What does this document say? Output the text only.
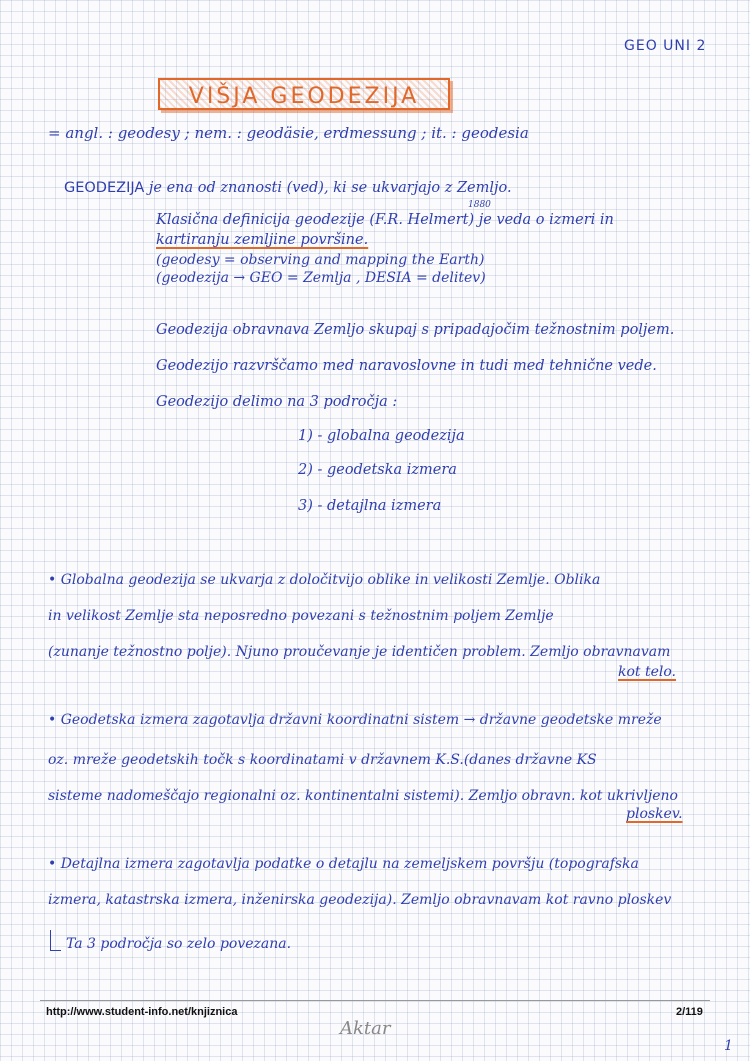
GEO UNI 2
VIŠJA GEODEZIJA
= angl. : geodesy ; nem. : geodäsie, erdmessung ; it. : geodesia
GEODEZIJA je ena od znanosti (ved), ki se ukvarjajo z Zemljo.
1880
Klasična definicija geodezije (F.R. Helmert) je veda o izmeri in
kartiranju zemljine površine.
(geodesy = observing and mapping the Earth)
(geodezija → GEO = Zemlja , DESIA = delitev)
Geodezija obravnava Zemljo skupaj s pripadajočim težnostnim poljem.
Geodezijo razvrščamo med naravoslovne in tudi med tehnične vede.
Geodezijo delimo na 3 področja :
1) - globalna geodezija
2) - geodetska izmera
3) - detajlna izmera
• Globalna geodezija se ukvarja z določitvijo oblike in velikosti Zemlje. Oblika
in velikost Zemlje sta neposredno povezani s težnostnim poljem Zemlje
(zunanje težnostno polje). Njuno proučevanje je identičen problem. Zemljo obravnavam
kot telo.
• Geodetska izmera zagotavlja državni koordinatni sistem → državne geodetske mreže
oz. mreže geodetskih točk s koordinatami v državnem K.S.(danes državne KS
sisteme nadomeščajo regionalni oz. kontinentalni sistemi). Zemljo obravn. kot ukrivljeno
ploskev.
• Detajlna izmera zagotavlja podatke o detajlu na zemeljskem površju (topografska
izmera, katastrska izmera, inženirska geodezija). Zemljo obravnavam kot ravno ploskev
Ta 3 področja so zelo povezana.
http://www.student-info.net/knjiznica	2/119
Aktar
1
